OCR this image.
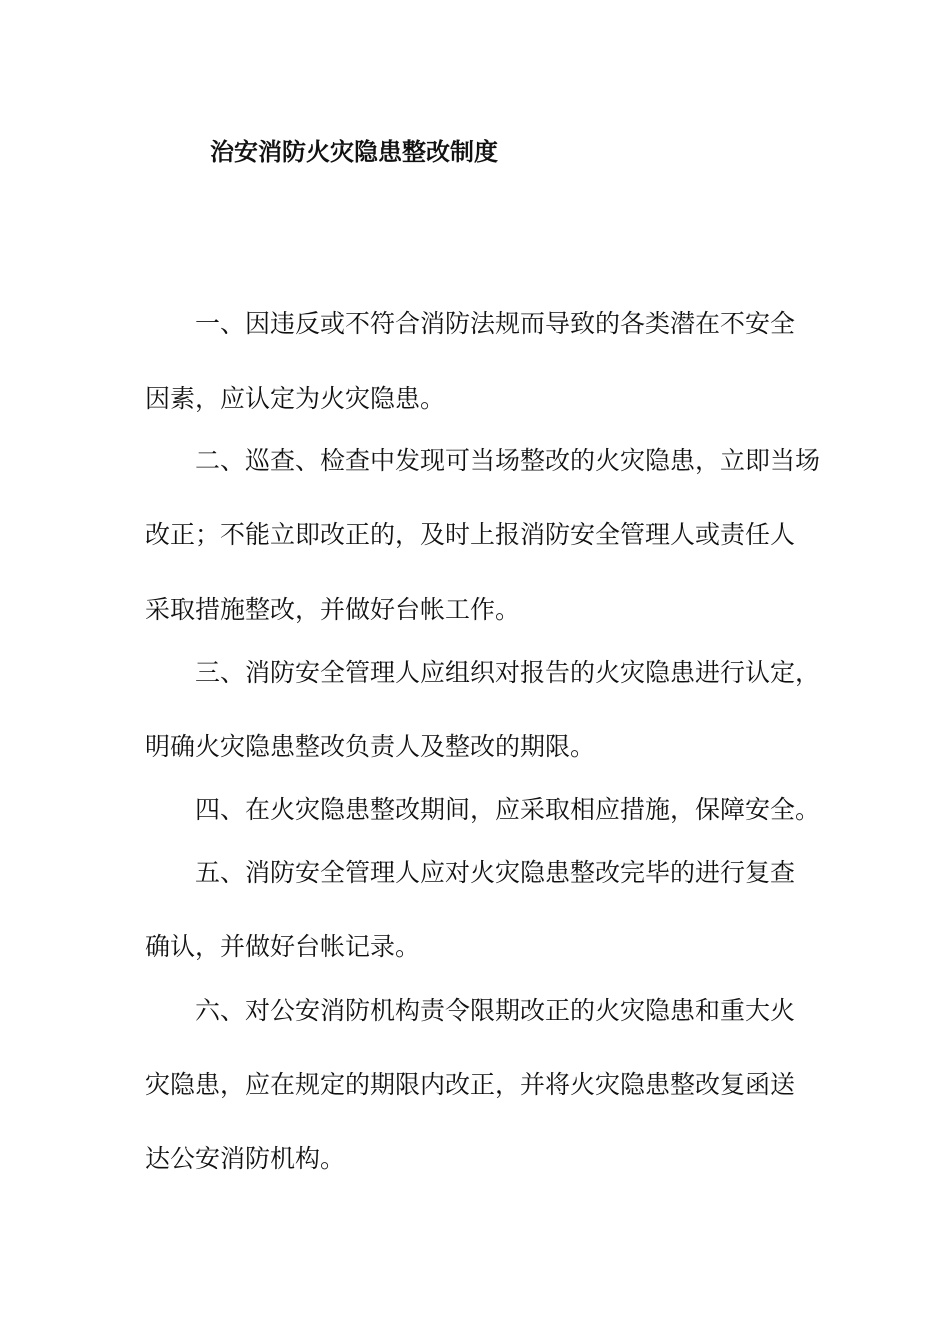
治安消防火灾隐患整改制度
一、因违反或不符合消防法规而导致的各类潜在不安全
因素，应认定为火灾隐患。
二、巡查、检查中发现可当场整改的火灾隐患，立即当场
改正；不能立即改正的，及时上报消防安全管理人或责任人
采取措施整改，并做好台帐工作。
三、消防安全管理人应组织对报告的火灾隐患进行认定，
明确火灾隐患整改负责人及整改的期限。
四、在火灾隐患整改期间，应采取相应措施，保障安全。
五、消防安全管理人应对火灾隐患整改完毕的进行复查
确认，并做好台帐记录。
六、对公安消防机构责令限期改正的火灾隐患和重大火
灾隐患，应在规定的期限内改正，并将火灾隐患整改复函送
达公安消防机构。
